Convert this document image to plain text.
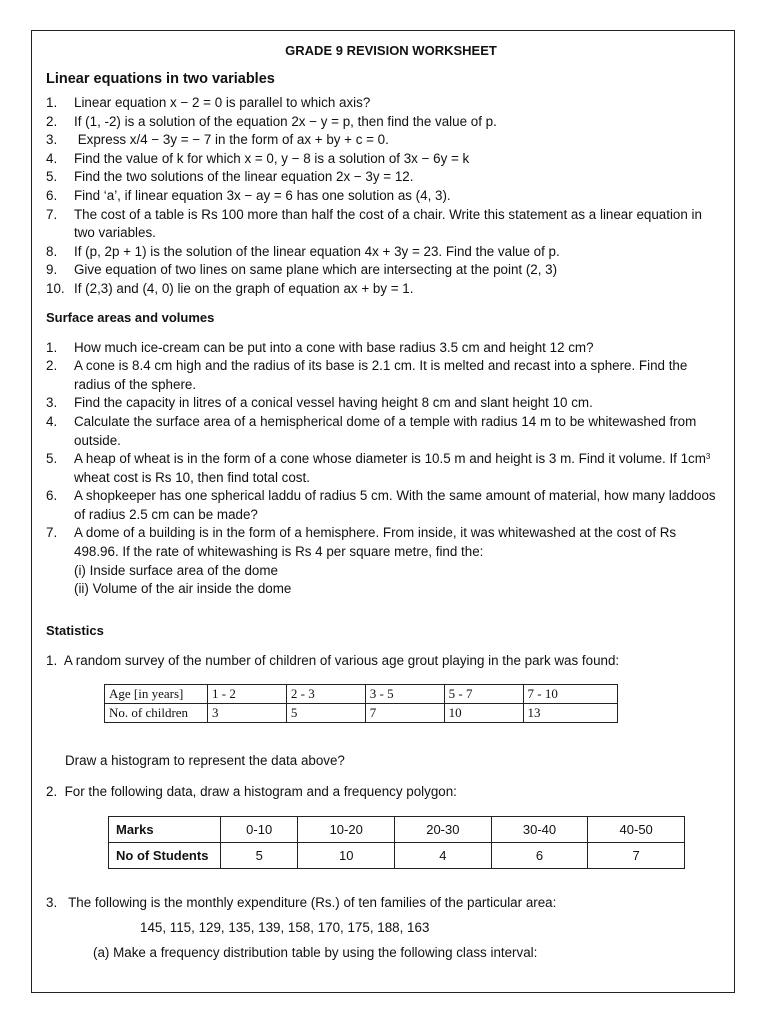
GRADE 9 REVISION WORKSHEET
Linear equations in two variables
1. Linear equation x − 2 = 0 is parallel to which axis?
2. If (1, -2) is a solution of the equation 2x − y = p, then find the value of p.
3. Express x/4 − 3y = − 7 in the form of ax + by + c = 0.
4. Find the value of k for which x = 0, y − 8 is a solution of 3x − 6y = k
5. Find the two solutions of the linear equation 2x − 3y = 12.
6. Find ‘a’, if linear equation 3x − ay = 6 has one solution as (4, 3).
7. The cost of a table is Rs 100 more than half the cost of a chair. Write this statement as a linear equation in two variables.
8. If (p, 2p + 1) is the solution of the linear equation 4x + 3y = 23. Find the value of p.
9. Give equation of two lines on same plane which are intersecting at the point (2, 3)
10. If (2,3) and (4, 0) lie on the graph of equation ax + by = 1.
Surface areas and volumes
1. How much ice-cream can be put into a cone with base radius 3.5 cm and height 12 cm?
2. A cone is 8.4 cm high and the radius of its base is 2.1 cm. It is melted and recast into a sphere. Find the radius of the sphere.
3. Find the capacity in litres of a conical vessel having height 8 cm and slant height 10 cm.
4. Calculate the surface area of a hemispherical dome of a temple with radius 14 m to be whitewashed from outside.
5. A heap of wheat is in the form of a cone whose diameter is 10.5 m and height is 3 m. Find it volume. If $1cm^3$ wheat cost is Rs 10, then find total cost.
6. A shopkeeper has one spherical laddu of radius 5 cm. With the same amount of material, how many laddoos of radius 2.5 cm can be made?
7. A dome of a building is in the form of a hemisphere. From inside, it was whitewashed at the cost of Rs 498.96. If the rate of whitewashing is Rs 4 per square metre, find the:
(i) Inside surface area of the dome
(ii) Volume of the air inside the dome
Statistics
1.  A random survey of the number of children of various age grout playing in the park was found:
Age [in years]	1 - 2	2 - 3	3 - 5	5 - 7	7 - 10
No. of children	3	5	7	10	13
Draw a histogram to represent the data above?
2.  For the following data, draw a histogram and a frequency polygon:
Marks	0-10	10-20	20-30	30-40	40-50
No of Students	5	10	4	6	7
3.   The following is the monthly expenditure (Rs.) of ten families of the particular area:
145, 115, 129, 135, 139, 158, 170, 175, 188, 163
(a) Make a frequency distribution table by using the following class interval:
